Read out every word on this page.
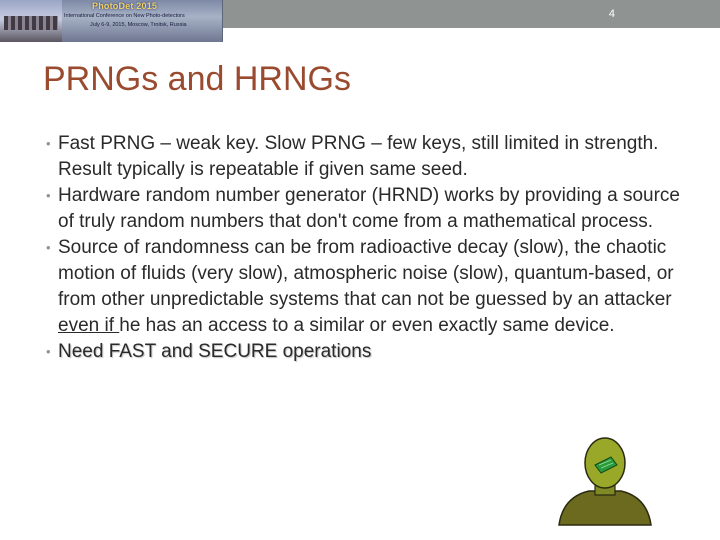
PhotoDet 2015
International Conference on New Photo-detectors
July 6-9, 2015, Moscow, Troitsk, Russia
4
PRNGs and HRNGs
• Fast PRNG – weak key. Slow PRNG – few keys, still limited in strength. Result typically is repeatable if given same seed.
• Hardware random number generator (HRND) works by providing a source of truly random numbers that don't come from a mathematical process.
• Source of randomness can be from radioactive decay (slow), the chaotic motion of fluids (very slow), atmospheric noise (slow), quantum-based, or from other unpredictable systems that can not be guessed by an attacker even if he has an access to a similar or even exactly same device.
• Need FAST and SECURE operations
